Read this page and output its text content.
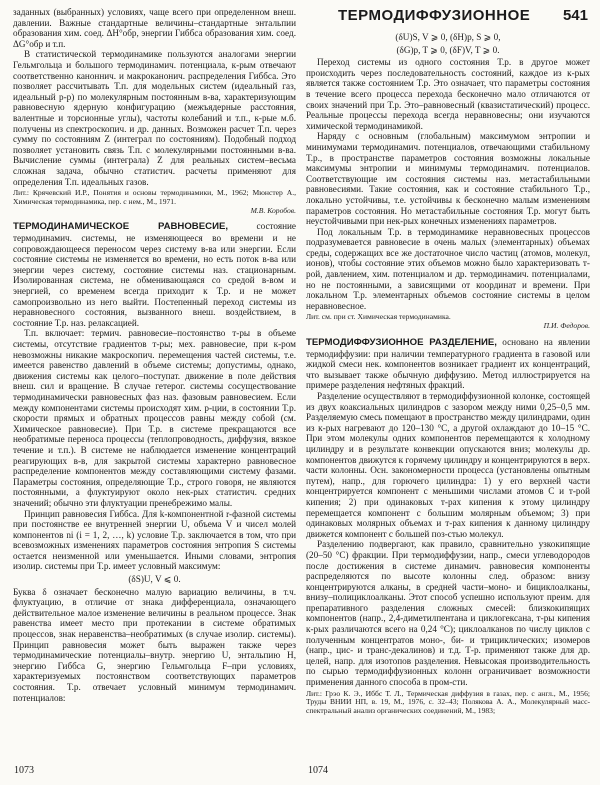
ТЕРМОДИФФУЗИОННОЕ 541

заданных (выбранных) условиях, чаще всего при определенном внеш. давлении. Важные стандартные величины–стандартные энтальпии образования хим. соед. ΔH°обр, энергии Гиббса образования хим. соед. ΔG°обр и т.п.

В статистической термодинамике пользуются аналогами энергии Гельмгольца и большого термодинамич. потенциала, к-рым отвечают соответственно каноннич. и макроканонич. распределения Гиббса. Это позволяет рассчитывать Т.п. для модельных систем (идеальный газ, идеальный р-р) по молекулярным постоянным в-ва, характеризующим равновесную ядерную конфигурацию (межъядерные расстояния, валентные и торсионные углы), частоты колебаний и т.п., к-рые м.б. получены из спектроскопич. и др. данных. Возможен расчет Т.п. через сумму по состояниям Z (интеграл по состояниям). Подобный подход позволяет установить связь Т.п. с молекулярными постоянными в-ва. Вычисление суммы (интеграла) Z для реальных систем–весьма сложная задача, обычно статистич. расчеты применяют для определения Т.п. идеальных газов.

Лит.: Крячевский И.Р., Понятия и основы термодинамики, М., 1962; Мюнстер А., Химическая термодинамика, пер. с нем., М., 1971.
М.В. Коробов.

ТЕРМОДИНАМИЧЕСКОЕ РАВНОВЕСИЕ, состояние термодинамич. системы, не изменяющееся во времени и не сопровождающееся переносом через систему в-ва или энергии. Если состояние системы не изменяется во времени, но есть поток в-ва или энергии через систему, состояние системы наз. стационарным. Изолированная система, не обменивающаяся со средой в-вом и энергией, со временем всегда приходит к Т.р. и не может самопроизвольно из него выйти. Постепенный переход системы из неравновесного состояния, вызванного внеш. воздействием, в состояние Т.р. наз. релаксацией.

Т.п. включает: термич. равновесие–постоянство т-ры в объеме системы, отсутствие градиентов т-ры; мех. равновесие, при к-ром невозможны никакие макроскопич. перемещения частей системы, т.е. имеется равенство давлений в объеме системы; допустимы, однако, движения системы как целого–поступат. движение в поле действия внеш. сил и вращение. В случае гетерог. системы сосуществование термодинамически равновесных фаз наз. фазовым равновесием. Если между компонентами системы происходят хим. р-ции, в состоянии Т.р. скорости прямых и обратных процессов равны между собой (см. Химическое равновесие). При Т.р. в системе прекращаются все необратимые переноса процессы (теплопроводность, диффузия, вязкое течение и т.п.). В системе не наблюдается изменение концентраций реагирующих в-в, для закрытой системы характерно равновесное распределение компонентов между составляющими систему фазами. Параметры состояния, определяющие Т.р., строго говоря, не являются постоянными, а флуктуируют около нек-рых статистич. средних значений; обычно эти флуктуации пренебрежимо малы.

Принцип равновесия Гиббса. Для k-компонентной r-фазной системы при постоянстве ее внутренней энергии U, объема V и чисел молей компонентов ni (i = 1, 2, …, k) условие Т.р. заключается в том, что при всевозможных изменениях параметров состояния энтропия S системы остается неизменной или уменьшается. Иными словами, энтропия изолир. системы при Т.р. имеет условный максимум:

(δS)U, V ⩽ 0.

Буква δ означает бесконечно малую вариацию величины, в т.ч. флуктуацию, в отличие от знака дифференциала, означающего действительное малое изменение величины в реальном процессе. Знак равенства имеет место при протекании в системе обратимых процессов, знак неравенства–необратимых (в случае изолир. системы). Принцип равновесия может быть выражен также через термодинамические потенциалы–внутр. энергию U, энтальпию H, энергию Гиббса G, энергию Гельмгольца F–при условиях, характеризуемых постоянством соответствующих параметров состояния. Т.р. отвечает условный минимум термодинамич. потенциалов:

(δU)S, V ⩾ 0, (δH)p, S ⩾ 0,

(δG)p, T ⩾ 0, (δF)V, T ⩾ 0.

Переход системы из одного состояния Т.р. в другое может происходить через последовательность состояний, каждое из к-рых является также состоянием Т.р. Это означает, что параметры состояния в течение всего процесса перехода бесконечно мало отличаются от своих значений при Т.р. Это–равновесный (квазистатический) процесс. Реальные процессы перехода всегда неравновесны; они изучаются химической термодинамикой.

Наряду с основным (глобальным) максимумом энтропии и минимумами термодинамич. потенциалов, отвечающими стабильному Т.р., в пространстве параметров состояния возможны локальные максимумы энтропии и минимумы термодинамич. потенциалов. Соответствующие им состояния системы наз. метастабильными равновесиями. Такие состояния, как и состояние стабильного Т.р., локально устойчивы, т.е. устойчивы к бесконечно малым изменениям параметров состояния. Но метастабильные состояния Т.р. могут быть неустойчивыми при нек-рых конечных изменениях параметров.

Под локальным Т.р. в термодинамике неравновесных процессов подразумевается равновесие в очень малых (элементарных) объемах среды, содержащих все же достаточное число частиц (атомов, молекул, ионов), чтобы состояние этих объемов можно было характеризовать т-рой, давлением, хим. потенциалом и др. термодинамич. потенциалами, но не постоянными, а зависящими от координат и времени. При локальном Т.р. элементарных объемов состояние системы в целом неравновесное.

Лит. см. при ст. Химическая термодинамика.
П.И. Федоров.

ТЕРМОДИФФУЗИОННОЕ РАЗДЕЛЕНИЕ, основано на явлении термодиффузии: при наличии температурного градиента в газовой или жидкой смеси нек. компонентов возникает градиент их концентраций, что вызывает также обычную диффузию. Метод иллюстрируется на примере разделения нефтяных фракций.

Разделение осуществляют в термодиффузионной колонке, состоящей из двух коаксиальных цилиндров с зазором между ними 0,25–0,5 мм. Разделяемую смесь помещают в пространство между цилиндрами, один из к-рых нагревают до 120–130 °С, а другой охлаждают до 10–15 °С. При этом молекулы одних компонентов перемещаются к холодному цилиндру и в результате конвекции опускаются вниз; молекулы др. компонентов движутся к горячему цилиндру и концентрируются в верх. части колонны. Осн. закономерности процесса (установлены опытным путем), напр., для горючего цилиндра: 1) у его верхней части концентрируется компонент с меньшими числами атомов С и т-рой кипения; 2) при одинаковых т-рах кипения к этому цилиндру перемещается компонент с большим молярным объемом; 3) при одинаковых молярных объемах и т-рах кипения к данному цилиндру движется компонент с большей поз-стью молекул.

Разделению подвергают, как правило, сравнительно узкокипящие (20–50 °С) фракции. При термодиффузии, напр., смеси углеводородов после достижения в системе динамич. равновесия компоненты распределяются по высоте колонны след. образом: внизу концентрируются алканы, в средней части–моно- и бициклоалканы, внизу–полициклоалканы. Этот способ успешно используют преим. для препаративного разделения сложных смесей: близкокипящих компонентов (напр., 2,4-диметилпентана и циклогексана, т-ры кипения к-рых различаются всего на 0,24 °С); циклоалканов по числу циклов с полученным концентратов моно-, би- и трициклических; изомеров (напр., цис- и транс-декалинов) и т.д. Т-р. применяют также для др. целей, напр. для изотопов разделения. Невысокая производительность по сырью термодиффузионных колонн ограничивает возможности применения данного способа в пром-сти.

Лит.: Грэо К. Э., Иббс Т. Л., Термическая диффузия в газах, пер. с англ., М., 1956; Труды ВНИИ НП, в. 19, М., 1976, с. 32–43; Полякова А. А., Молекулярный масс-спектральный анализ органических соединений, М., 1983;

1073	1074
